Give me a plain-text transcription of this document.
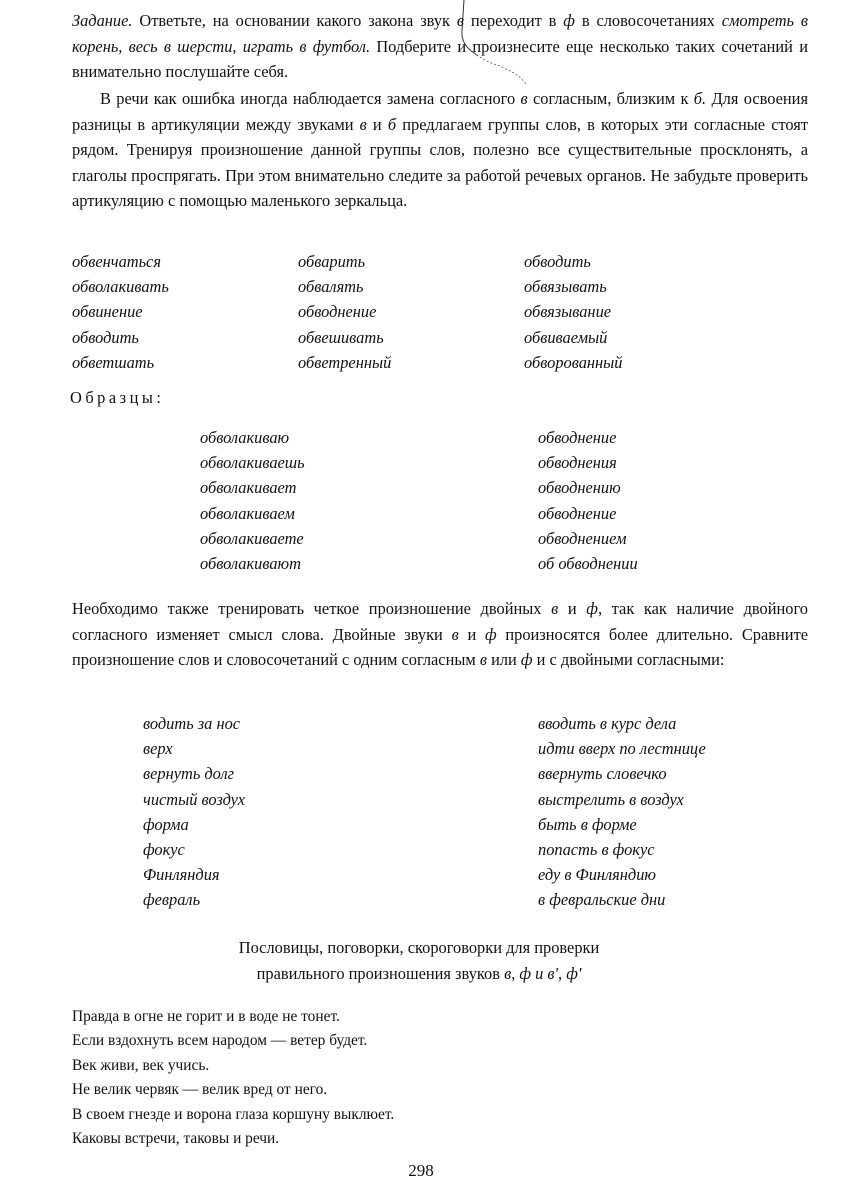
Задание. Ответьте, на основании какого закона звук в переходит в ф в словосочетаниях смотреть в корень, весь в шерсти, играть в футбол. Подберите и произнесите еще несколько таких сочетаний и внимательно послушайте себя.

В речи как ошибка иногда наблюдается замена согласного в согласным, близким к б. Для освоения разницы в артикуляции между звуками в и б предлагаем группы слов, в которых эти согласные стоят рядом. Тренируя произношение данной группы слов, полезно все существительные просклонять, а глаголы проспрягать. При этом внимательно следите за работой речевых органов. Не забудьте проверить артикуляцию с помощью маленького зеркальца.

Необходимо также тренировать четкое произношение двойных в и ф, так как наличие двойного согласного изменяет смысл слова. Двойные звуки в и ф произносятся более длительно. Сравните произношение слов и словосочетаний с одним согласным в или ф и с двойными согласными:

обвенчаться	обварить	обводить
обволакивать	обвалять	обвязывать
обвинение	обводнение	обвязывание
обводить	обвешивать	обвиваемый
обветшать	обветренный	обворованный
Образцы:
обволакиваю	обводнение
обволакиваешь	обводнения
обволакивает	обводнению
обволакиваем	обводнение
обволакиваете	обводнением
обволакивают	об обводнении
водить за нос	вводить в курс дела
верх	идти вверх по лестнице
вернуть долг	ввернуть словечко
чистый воздух	выстрелить в воздух
форма	быть в форме
фокус	попасть в фокус
Финляндия	еду в Финляндию
февраль	в февральские дни
Пословицы, поговорки, скороговорки для проверки
правильного произношения звуков в, ф и в', ф'
Правда в огне не горит и в воде не тонет.
Если вздохнуть всем народом — ветер будет.
Век живи, век учись.
Не велик червяк — велик вред от него.
В своем гнезде и ворона глаза коршуну выклюет.
Каковы встречи, таковы и речи.
298
